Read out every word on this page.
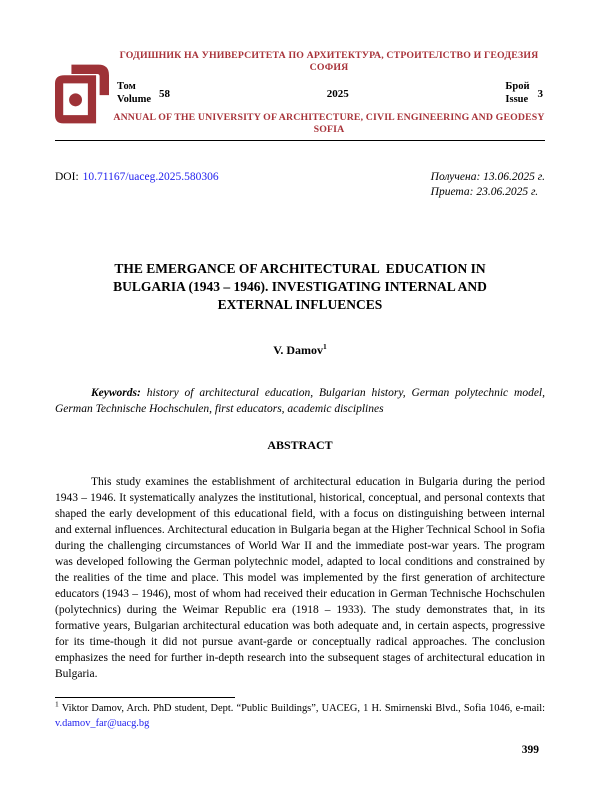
ГОДИШНИК НА УНИВЕРСИТЕТА ПО АРХИТЕКТУРА, СТРОИТЕЛСТВО И ГЕОДЕЗИЯ
СОФИЯ
Том
Volume 58	2025
Брой
Issue 3
ANNUAL OF THE UNIVERSITY OF ARCHITECTURE, CIVIL ENGINEERING AND GEODESY
SOFIA
DOI: 10.71167/uaceg.2025.580306	Получена: 13.06.2025 г.
Приета: 23.06.2025 г.
THE EMERGANCE OF ARCHITECTURAL  EDUCATION IN
BULGARIA (1943 – 1946). INVESTIGATING INTERNAL AND
EXTERNAL INFLUENCES
V. Damov$^1$

Keywords: history of architectural education, Bulgarian history, German polytechnic model, German Technische Hochschulen, first educators, academic disciplines

ABSTRACT

This study examines the establishment of architectural education in Bulgaria during the period 1943 – 1946. It systematically analyzes the institutional, historical, conceptual, and personal contexts that shaped the early development of this educational field, with a focus on distinguishing between internal and external influences. Architectural education in Bulgaria began at the Higher Technical School in Sofia during the challenging circumstances of World War II and the immediate post-war years. The program was developed following the German polytechnic model, adapted to local conditions and constrained by the realities of the time and place. This model was implemented by the first generation of architecture educators (1943 – 1946), most of whom had received their education in German Technische Hochschulen (polytechnics) during the Weimar Republic era (1918 – 1933). The study demonstrates that, in its formative years, Bulgarian architectural education was both adequate and, in certain aspects, progressive for its time-though it did not pursue avant-garde or conceptually radical approaches. The conclusion emphasizes the need for further in-depth research into the subsequent stages of architectural education in Bulgaria.

$^1$ Viktor Damov, Arch. PhD student, Dept. “Public Buildings”, UACEG, 1 H. Smirnenski Blvd., Sofia 1046, e-mail: v.damov_far@uacg.bg

399
